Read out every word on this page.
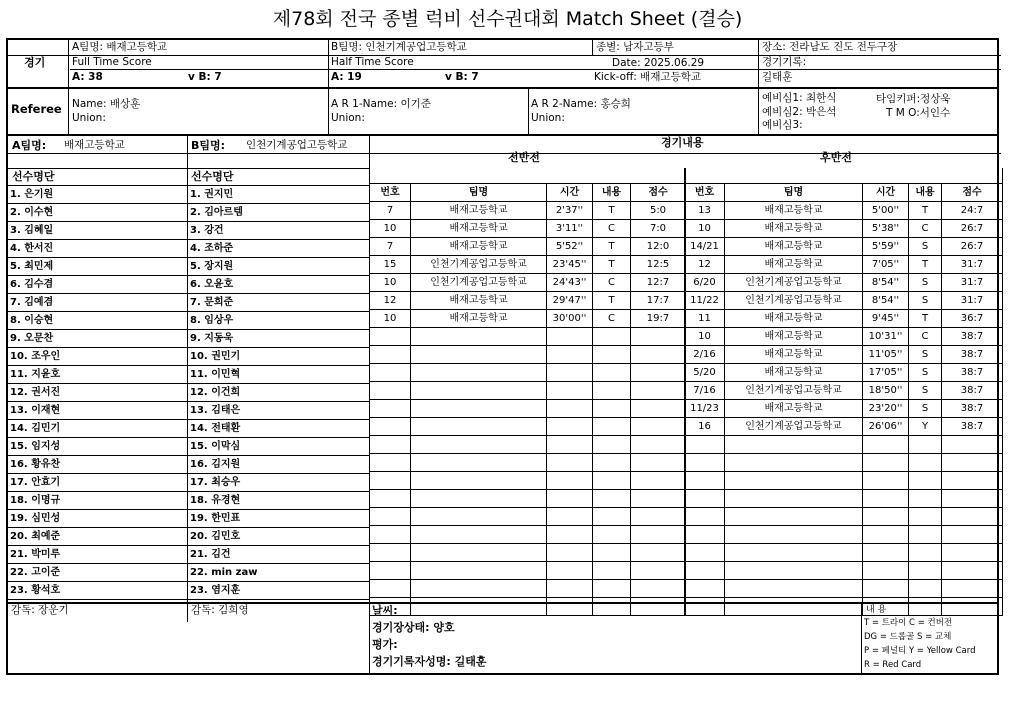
제78회 전국 종별 럭비 선수권대회 Match Sheet (결승)
경기
A팀명: 배재고등학교	B팀명: 인천기계공업고등학교	종별: 남자고등부	장소: 전라남도 진도 전두구장
Full Time Score
A: 38	v B: 7
Half Time Score
A: 19	v B: 7
Date: 2025.06.29
Kick-off: 배재고등학교
경기기록:
길태훈
Referee Name: 배상훈
Union:
A R 1-Name: 이기준
Union:
A R 2-Name: 홍승희
Union:
예비심1: 최한식
예비심2: 박은석
예비심3:
타임키퍼:정상욱
T M O:서인수
A팀명: 배재고등학교	B팀명: 인천기계공업고등학교	경기내용
전반전	후반전
선수명단	선수명단
1. 은기원
2. 이수현
3. 김혜일
4. 한서진
5. 최민제
6. 김수겸
7. 김예겸
8. 이승현
9. 오문찬
10. 조우인
11. 지윤호
12. 권서진
13. 이재현
14. 김민기
15. 임지성
16. 황유찬
17. 안효기
18. 이명규
19. 심민성
20. 최예준
21. 박미루
22. 고이준
23. 황석호
1. 권지민
2. 김아르템
3. 강건
4. 조하준
5. 장지원
6. 오윤호
7. 문희준
8. 임상우
9. 지동욱
10. 권민기
11. 이민혁
12. 이건희
13. 김태은
14. 전태환
15. 이막심
16. 김지원
17. 최승우
18. 유경현
19. 한민표
20. 김민호
21. 김건
22. min zaw
23. 염지훈

번호	팀명	시간	내용	점수
7	배재고등학교	2'37''	T	5:0
10	배재고등학교	3'11''	C	7:0
7	배재고등학교	5'52''	T	12:0
15	인천기계공업고등학교	23'45''	T	12:5
10	인천기계공업고등학교	24'43''	C	12:7
12	배재고등학교	29'47''	T	17:7
10	배재고등학교	30'00''	C	19:7

번호	팀명	시간	내용	점수
13	배재고등학교	5'00''	T	24:7
10	배재고등학교	5'38''	C	26:7
14/21	배재고등학교	5'59''	S	26:7
12	배재고등학교	7'05''	T	31:7
6/20	인천기계공업고등학교	8'54''	S	31:7
11/22	인천기계공업고등학교	8'54''	S	31:7
11	배재고등학교	9'45''	T	36:7
10	배재고등학교	10'31''	C	38:7
2/16	배재고등학교	11'05''	S	38:7
5/20	배재고등학교	17'05''	S	38:7
7/16	인천기계공업고등학교	18'50''	S	38:7
11/23	배재고등학교	23'20''	S	38:7
16	인천기계공업고등학교	26'06''	Y	38:7

감독: 장운기	감독: 김희영	날씨:
경기장상태: 양호
평가:
경기기록자성명: 길태훈
내 용
T = 트라이 C = 컨버전
DG = 드롭골 S = 교체
P = 페널티 Y = Yellow Card
R = Red Card
